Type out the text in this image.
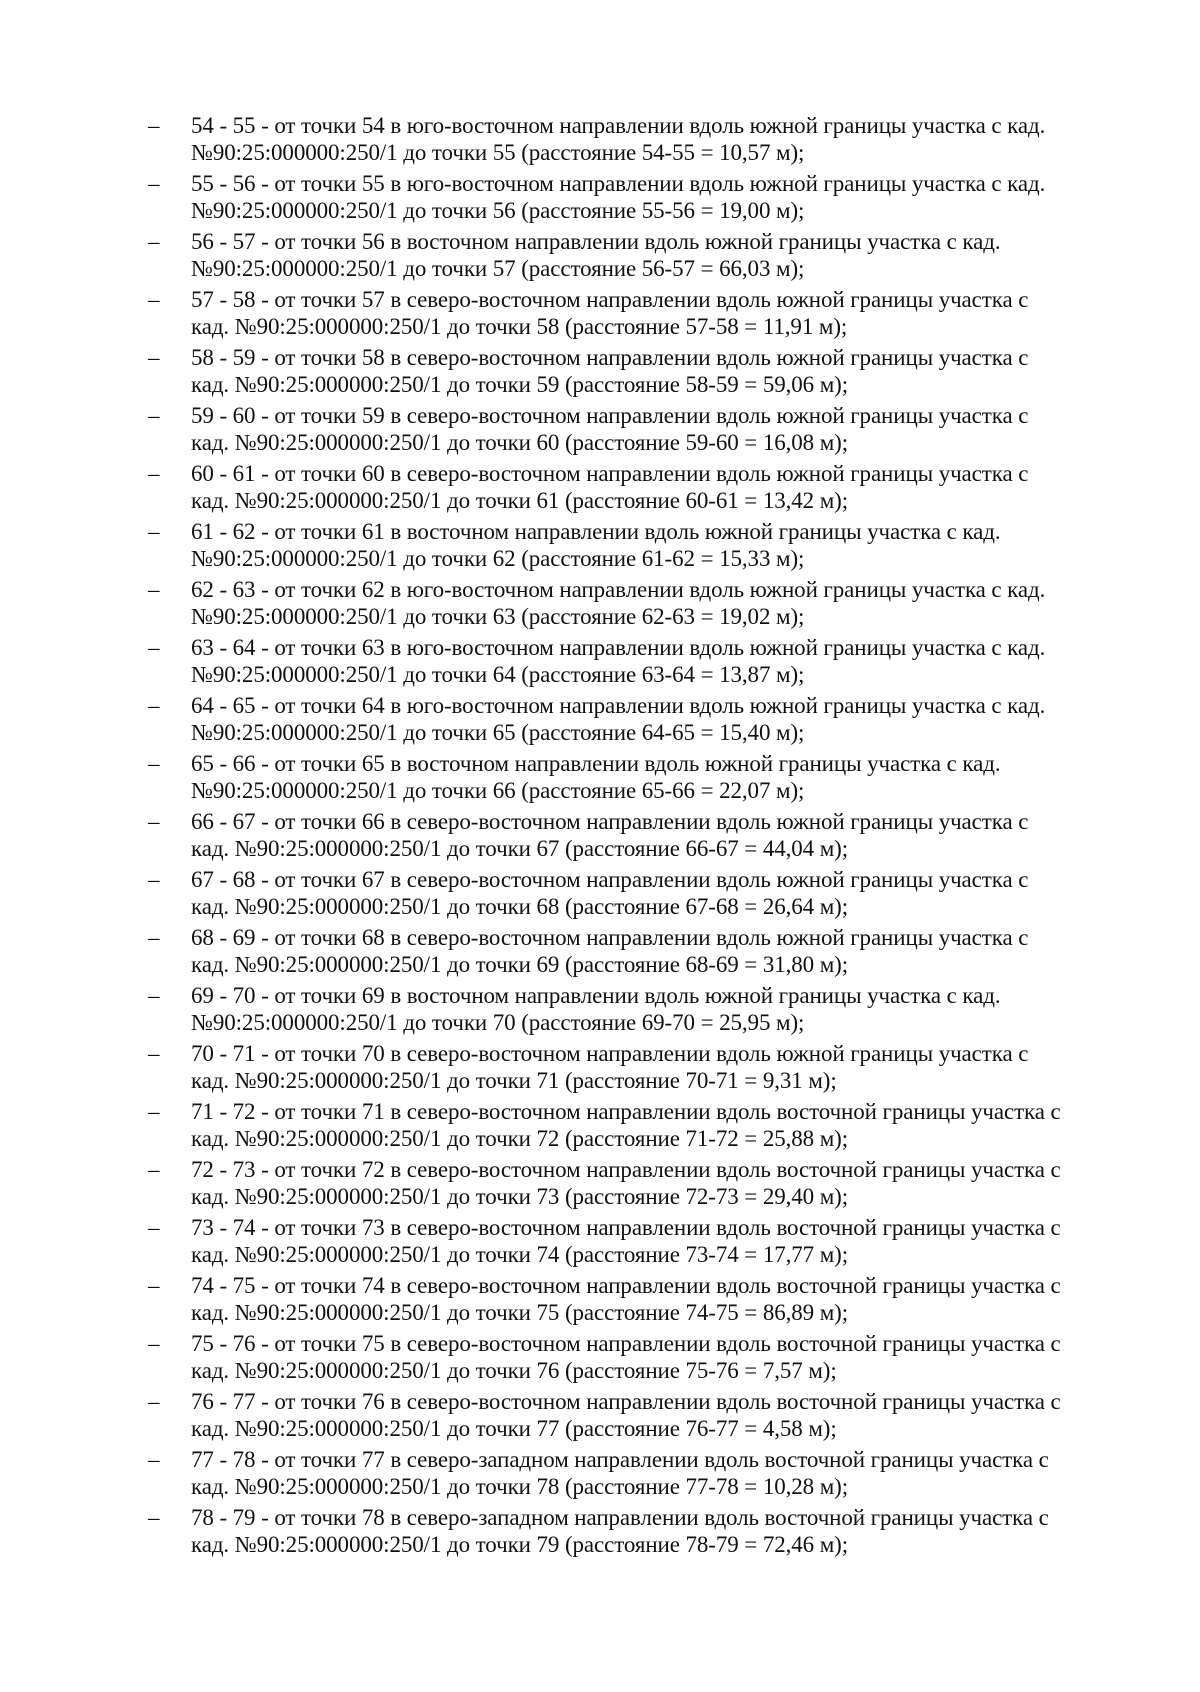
–	54 - 55 - от точки 54 в юго-восточном направлении вдоль южной границы участка с кад.
№90:25:000000:250/1 до точки 55 (расстояние 54-55 = 10,57 м);
–	55 - 56 - от точки 55 в юго-восточном направлении вдоль южной границы участка с кад.
№90:25:000000:250/1 до точки 56 (расстояние 55-56 = 19,00 м);
–	56 - 57 - от точки 56 в восточном направлении вдоль южной границы участка с кад.
№90:25:000000:250/1 до точки 57 (расстояние 56-57 = 66,03 м);
–	57 - 58 - от точки 57 в северо-восточном направлении вдоль южной границы участка с
кад. №90:25:000000:250/1 до точки 58 (расстояние 57-58 = 11,91 м);
–	58 - 59 - от точки 58 в северо-восточном направлении вдоль южной границы участка с
кад. №90:25:000000:250/1 до точки 59 (расстояние 58-59 = 59,06 м);
–	59 - 60 - от точки 59 в северо-восточном направлении вдоль южной границы участка с
кад. №90:25:000000:250/1 до точки 60 (расстояние 59-60 = 16,08 м);
–	60 - 61 - от точки 60 в северо-восточном направлении вдоль южной границы участка с
кад. №90:25:000000:250/1 до точки 61 (расстояние 60-61 = 13,42 м);
–	61 - 62 - от точки 61 в восточном направлении вдоль южной границы участка с кад.
№90:25:000000:250/1 до точки 62 (расстояние 61-62 = 15,33 м);
–	62 - 63 - от точки 62 в юго-восточном направлении вдоль южной границы участка с кад.
№90:25:000000:250/1 до точки 63 (расстояние 62-63 = 19,02 м);
–	63 - 64 - от точки 63 в юго-восточном направлении вдоль южной границы участка с кад.
№90:25:000000:250/1 до точки 64 (расстояние 63-64 = 13,87 м);
–	64 - 65 - от точки 64 в юго-восточном направлении вдоль южной границы участка с кад.
№90:25:000000:250/1 до точки 65 (расстояние 64-65 = 15,40 м);
–	65 - 66 - от точки 65 в восточном направлении вдоль южной границы участка с кад.
№90:25:000000:250/1 до точки 66 (расстояние 65-66 = 22,07 м);
–	66 - 67 - от точки 66 в северо-восточном направлении вдоль южной границы участка с
кад. №90:25:000000:250/1 до точки 67 (расстояние 66-67 = 44,04 м);
–	67 - 68 - от точки 67 в северо-восточном направлении вдоль южной границы участка с
кад. №90:25:000000:250/1 до точки 68 (расстояние 67-68 = 26,64 м);
–	68 - 69 - от точки 68 в северо-восточном направлении вдоль южной границы участка с
кад. №90:25:000000:250/1 до точки 69 (расстояние 68-69 = 31,80 м);
–	69 - 70 - от точки 69 в восточном направлении вдоль южной границы участка с кад.
№90:25:000000:250/1 до точки 70 (расстояние 69-70 = 25,95 м);
–	70 - 71 - от точки 70 в северо-восточном направлении вдоль южной границы участка с
кад. №90:25:000000:250/1 до точки 71 (расстояние 70-71 = 9,31 м);
–	71 - 72 - от точки 71 в северо-восточном направлении вдоль восточной границы участка с
кад. №90:25:000000:250/1 до точки 72 (расстояние 71-72 = 25,88 м);
–	72 - 73 - от точки 72 в северо-восточном направлении вдоль восточной границы участка с
кад. №90:25:000000:250/1 до точки 73 (расстояние 72-73 = 29,40 м);
–	73 - 74 - от точки 73 в северо-восточном направлении вдоль восточной границы участка с
кад. №90:25:000000:250/1 до точки 74 (расстояние 73-74 = 17,77 м);
–	74 - 75 - от точки 74 в северо-восточном направлении вдоль восточной границы участка с
кад. №90:25:000000:250/1 до точки 75 (расстояние 74-75 = 86,89 м);
–	75 - 76 - от точки 75 в северо-восточном направлении вдоль восточной границы участка с
кад. №90:25:000000:250/1 до точки 76 (расстояние 75-76 = 7,57 м);
–	76 - 77 - от точки 76 в северо-восточном направлении вдоль восточной границы участка с
кад. №90:25:000000:250/1 до точки 77 (расстояние 76-77 = 4,58 м);
–	77 - 78 - от точки 77 в северо-западном направлении вдоль восточной границы участка с
кад. №90:25:000000:250/1 до точки 78 (расстояние 77-78 = 10,28 м);
–	78 - 79 - от точки 78 в северо-западном направлении вдоль восточной границы участка с
кад. №90:25:000000:250/1 до точки 79 (расстояние 78-79 = 72,46 м);
